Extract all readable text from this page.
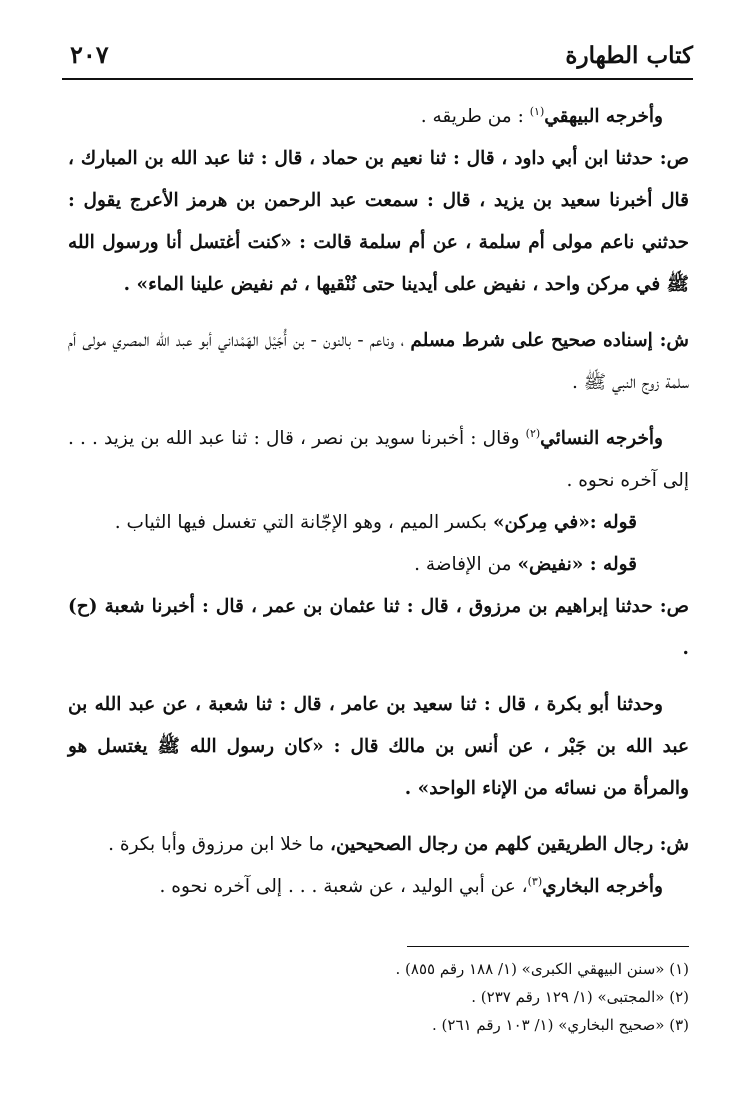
كتاب الطهارة
٢٠٧

وأخرجه البيهقي$^{(١)}$ : من طريقه .

ص: حدثنا ابن أبي داود ، قال : ثنا نعيم بن حماد ، قال : ثنا عبد الله بن المبارك ، قال أخبرنا سعيد بن يزيد ، قال : سمعت عبد الرحمن بن هرمز الأعرج يقول : حدثني ناعم مولى أم سلمة ، عن أم سلمة قالت : «كنت أغتسل أنا ورسول الله ﷺ في مركن واحد ، نفيض على أيدينا حتى نُنْقيها ، ثم نفيض علينا الماء» .

ش: إسناده صحيح على شرط مسلم ، وناعم - بالنون - بن أُجَيْل الهَمْداني أبو عبد الله المصري مولى أم سلمة زوج النبي ﷺ .

وأخرجه النسائي$^{(٢)}$ وقال : أخبرنا سويد بن نصر ، قال : ثنا عبد الله بن يزيد . . . إلى آخره نحوه .

قوله :«في مِركن» بكسر الميم ، وهو الإجّانة التي تغسل فيها الثياب .

قوله : «نفيض» من الإفاضة .

ص: حدثنا إبراهيم بن مرزوق ، قال : ثنا عثمان بن عمر ، قال : أخبرنا شعبة (ح) .

وحدثنا أبو بكرة ، قال : ثنا سعيد بن عامر ، قال : ثنا شعبة ، عن عبد الله بن عبد الله بن جَبْر ، عن أنس بن مالك قال : «كان رسول الله ﷺ يغتسل هو والمرأة من نسائه من الإناء الواحد» .

ش: رجال الطريقين كلهم من رجال الصحيحين، ما خلا ابن مرزوق وأبا بكرة .

وأخرجه البخاري$^{(٣)}$، عن أبي الوليد ، عن شعبة . . . إلى آخره نحوه .

(١) «سنن البيهقي الكبرى» (١/ ١٨٨ رقم ٨٥٥) .
(٢) «المجتبى» (١/ ١٢٩ رقم ٢٣٧) .
(٣) «صحيح البخاري» (١/ ١٠٣ رقم ٢٦١) .
